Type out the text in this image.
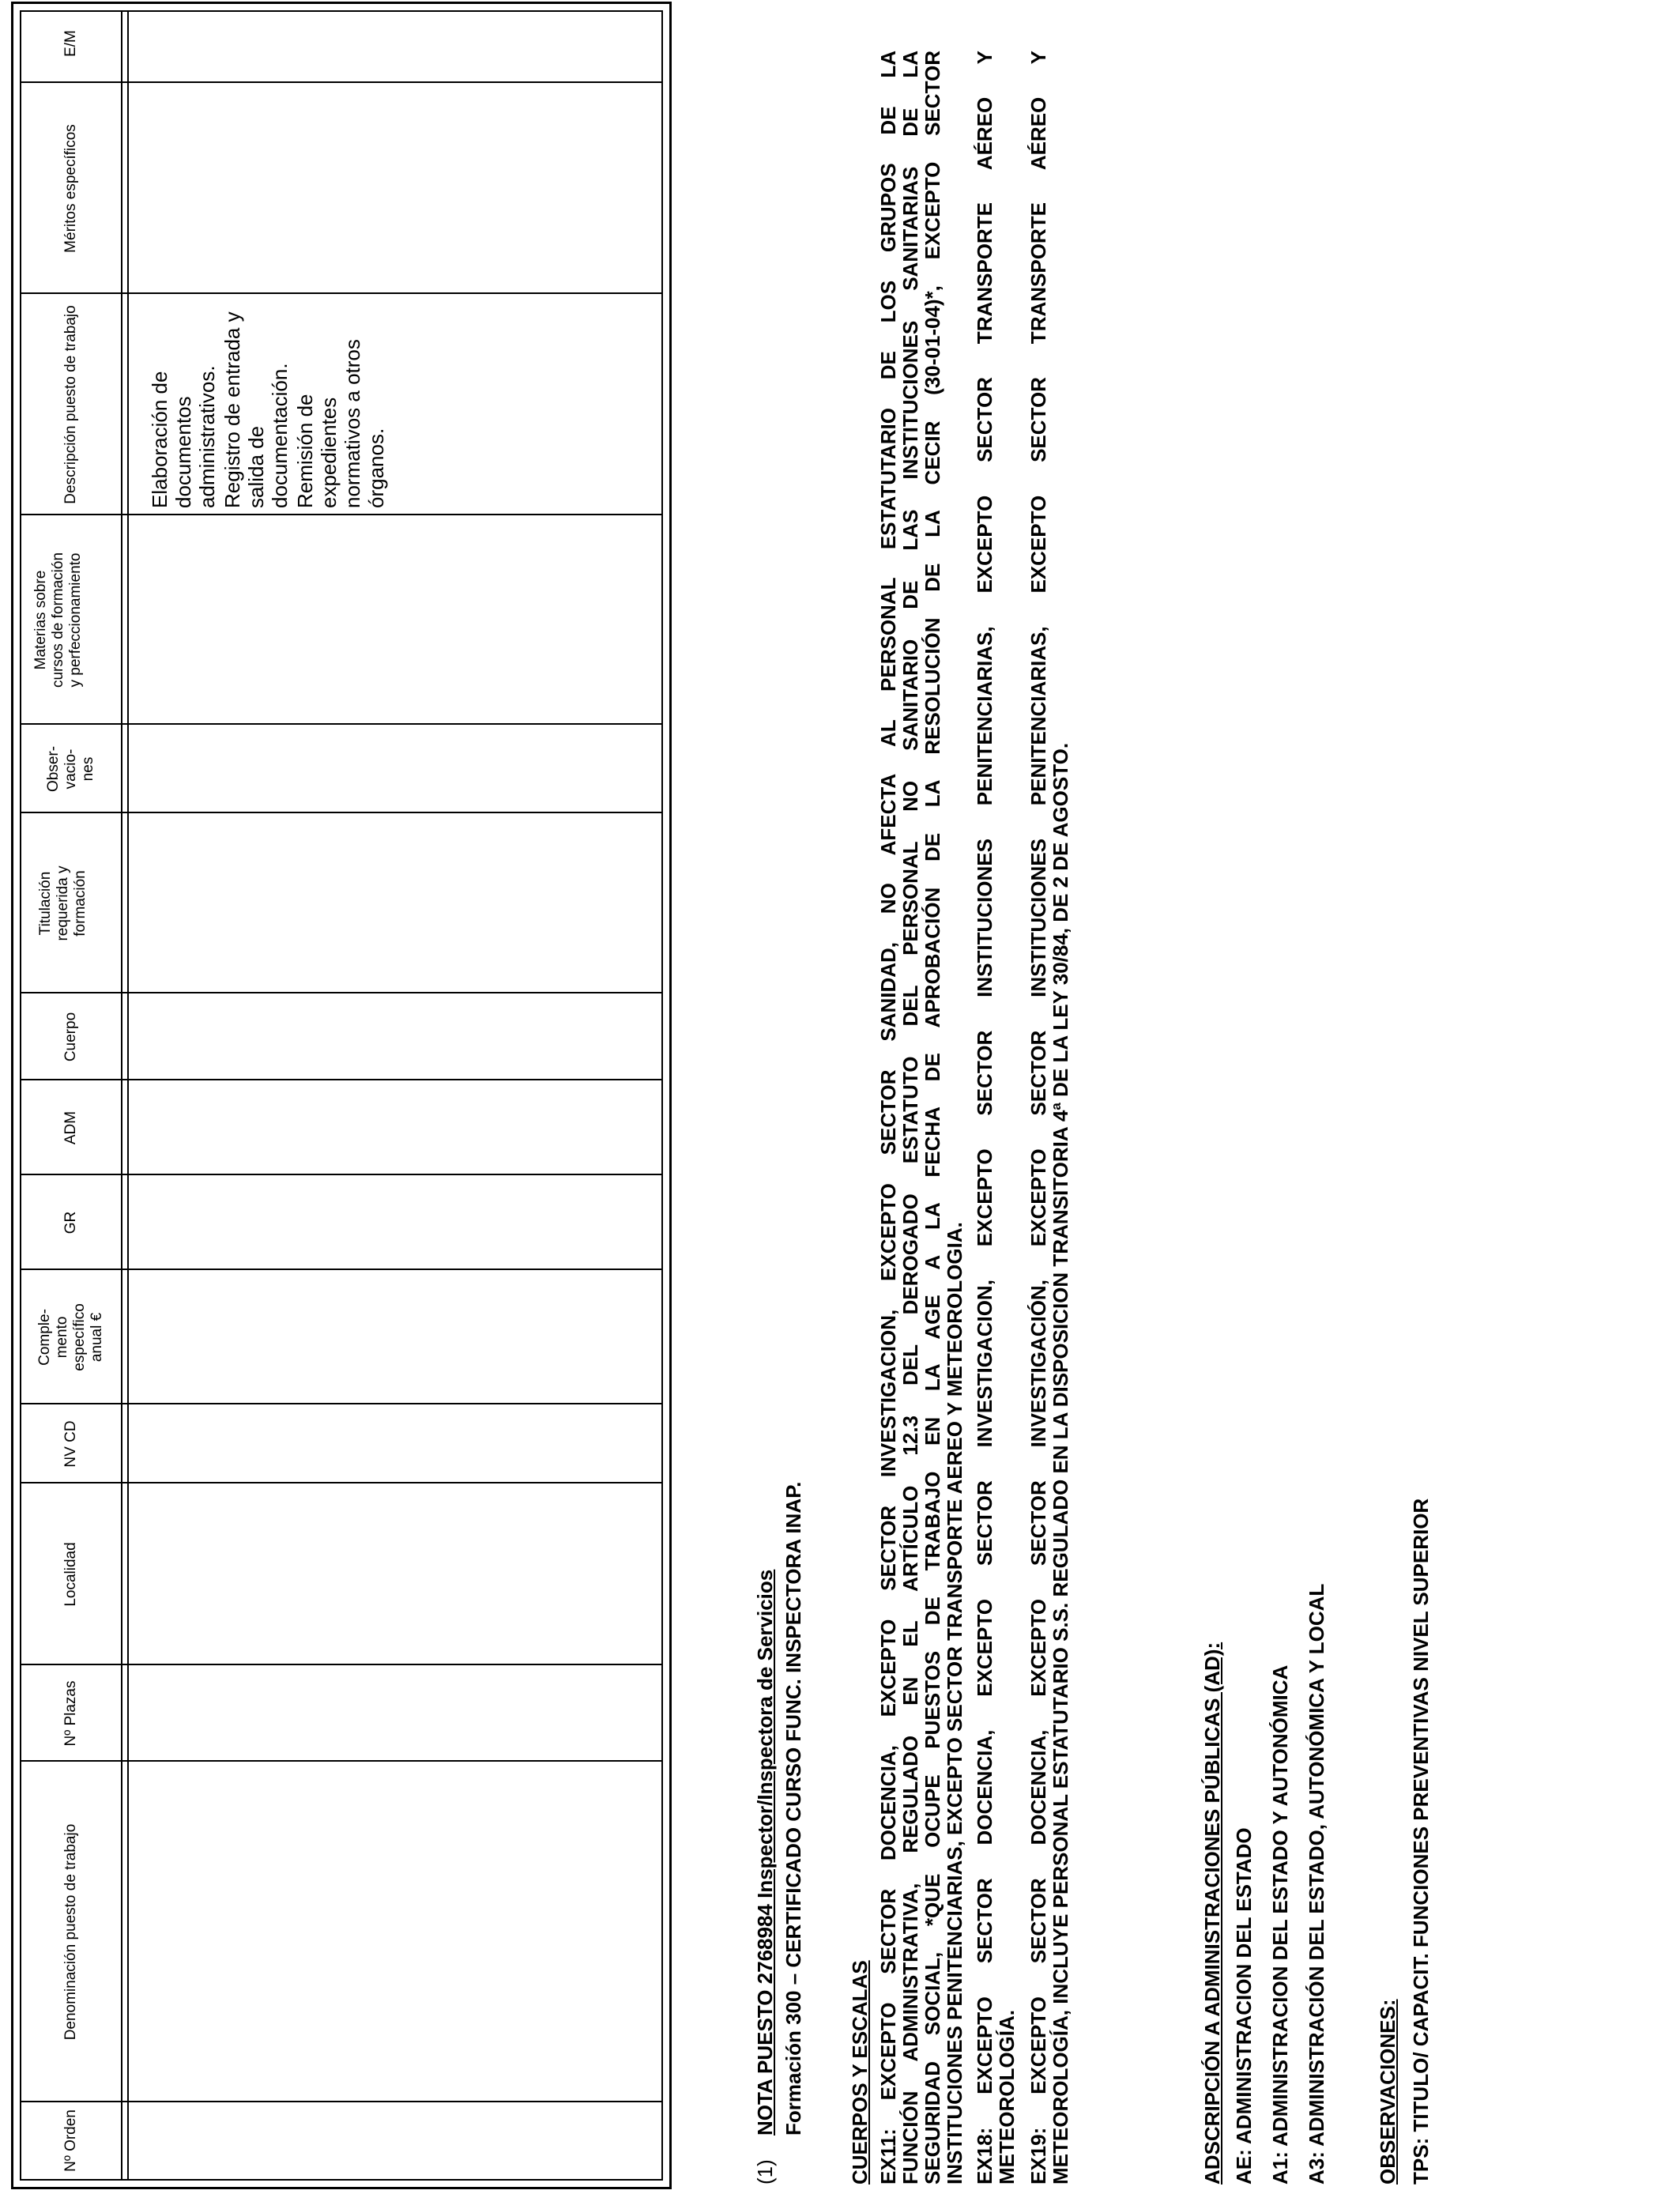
Nº Orden
Denominación puesto de trabajo
Nº Plazas
Localidad
NV CD
Comple-mento específico anual €
GR
ADM
Cuerpo
Titulación requerida y formación
Obser-vacio-nes
Materias sobre cursos de formación y perfeccionamiento
Descripción puesto de trabajo
Méritos específicos
E/M

Elaboración de documentos administrativos. Registro de entrada y salida de documentación. Remisión de expedientes normativos a otros órganos.

(1)NOTA PUESTO 2768984 Inspector/Inspectora de Servicios Formación 300 – CERTIFICADO CURSO FUNC. INSPECTORA INAP. CUERPOS Y ESCALAS EX11: EXCEPTO SECTOR DOCENCIA, EXCEPTO SECTOR INVESTIGACION, EXCEPTO SECTOR SANIDAD, NO AFECTA AL PERSONAL ESTATUTARIO DE LOS GRUPOS DE LA
FUNCIÓN ADMINISTRATIVA, REGULADO EN EL ARTÍCULO 12.3 DEL DEROGADO ESTATUTO DEL PERSONAL NO SANITARIO DE LAS INSTITUCIONES SANITARIAS DE LA
SEGURIDAD SOCIAL, *QUE OCUPE PUESTOS DE TRABAJO EN LA AGE A LA FECHA DE APROBACIÓN DE LA RESOLUCIÓN DE LA CECIR (30-01-04)*, EXCEPTO SECTOR
INSTITUCIONES PENITENCIARIAS, EXCEPTO SECTOR TRANSPORTE AEREO Y METEOROLOGIA. EX18: EXCEPTO SECTOR DOCENCIA, EXCEPTO SECTOR INVESTIGACION, EXCEPTO SECTOR INSTITUCIONES PENITENCIARIAS, EXCEPTO SECTOR TRANSPORTE AÉREO Y
METEOROLOGÍA. EX19: EXCEPTO SECTOR DOCENCIA, EXCEPTO SECTOR INVESTIGACIÓN, EXCEPTO SECTOR INSTITUCIONES PENITENCIARIAS, EXCEPTO SECTOR TRANSPORTE AÉREO Y
METEOROLOGÍA, INCLUYE PERSONAL ESTATUTARIO S.S. REGULADO EN LA DISPOSICION TRANSITORIA 4ª DE LA LEY 30/84, DE 2 DE AGOSTO.	ADSCRIPCIÓN A ADMINISTRACIONES PÚBLICAS (AD): AE: ADMINISTRACION DEL ESTADO A1: ADMINISTRACION DEL ESTADO Y AUTONÓMICA A3: ADMINISTRACIÓN DEL ESTADO, AUTONÓMICA Y LOCAL OBSERVACIONES: TPS: TITULO/ CAPACIT. FUNCIONES PREVENTIVAS NIVEL SUPERIOR
